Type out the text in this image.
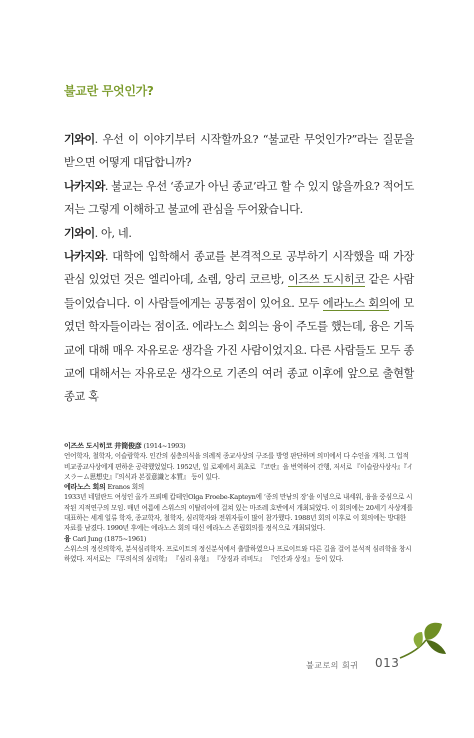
불교란 무엇인가?

기와이. 우선 이 이야기부터 시작할까요? “불교란 무엇인가?”라는 질문을 받으면 어떻게 대답합니까?

나카지와. 불교는 우선 ‘종교가 아닌 종교’라고 할 수 있지 않을까요? 적어도 저는 그렇게 이해하고 불교에 관심을 두어왔습니다.

기와이. 아, 네.

나카지와. 대학에 입학해서 종교를 본격적으로 공부하기 시작했을 때 가장 관심 있었던 것은 엘리아데, 쇼렘, 앙리 코르방, 이즈쓰 도시히코 같은 사람들이었습니다. 이 사람들에게는 공통점이 있어요. 모두 에라노스 회의에 모였던 학자들이라는 점이죠. 에라노스 회의는 융이 주도를 했는데, 융은 기독교에 대해 매우 자유로운 생각을 가진 사람이었지요. 다른 사람들도 모두 종교에 대해서는 자유로운 생각으로 기존의 여러 종교 이후에 앞으로 출현할 종교 혹

이즈쓰 도시히코 井筒俊彦 (1914~1993)

언어학자, 철학자, 이슬람학자. 인간의 심층의식을 의례적 종교사상의 구조를 방영 판단하며 의미에서 다 수인을 개척. 그 업적 비교종교사상에게 편하운 공략했었었다. 1952년, 일 로제에서 최초로 『코란』을 번역하여 간행, 저서로 『이슬람사상사』『イスラーム思想史』『의식과 본질意識と本質』 등이 있다.

에라노스 회의 Eranos 회의

1933년 네덜란드 여성인 올가 프뢰베 캅테인Olga Froebe-Kapteyn에 ‘종의 만남의 장’을 이념으로 내세워, 융을 중심으로 시작된 지적연구의 모임. 매년 여름에 스위스의 이탈리아에 걸쳐 있는 마조레 호반에서 개최되었다. 이 회의에는 20세기 사상계를 대표하는 세계 일류 학자, 종교학자, 철학자, 심리학자와 전위자들이 많이 참가했다. 1988년 회의 이후로 이 회의에는 방대한 자료를 남겼다. 1990년 후에는 에라노스 회의 대신 에라노스 존립회의를 정식으로 개최되었다.

융 Carl Jung (1875~1961)

스위스의 정신의학자, 분석심리학자. 프로이트의 정신분석에서 출발하였으나 프로이트와 다른 길을 걸어 분석적 심리학을 창시하였다. 저서로는 『무의식의 심리학』 『심리 유형』 『상징과 리비도』 『인간과 상징』 등이 있다.

불교로의 회귀 013
